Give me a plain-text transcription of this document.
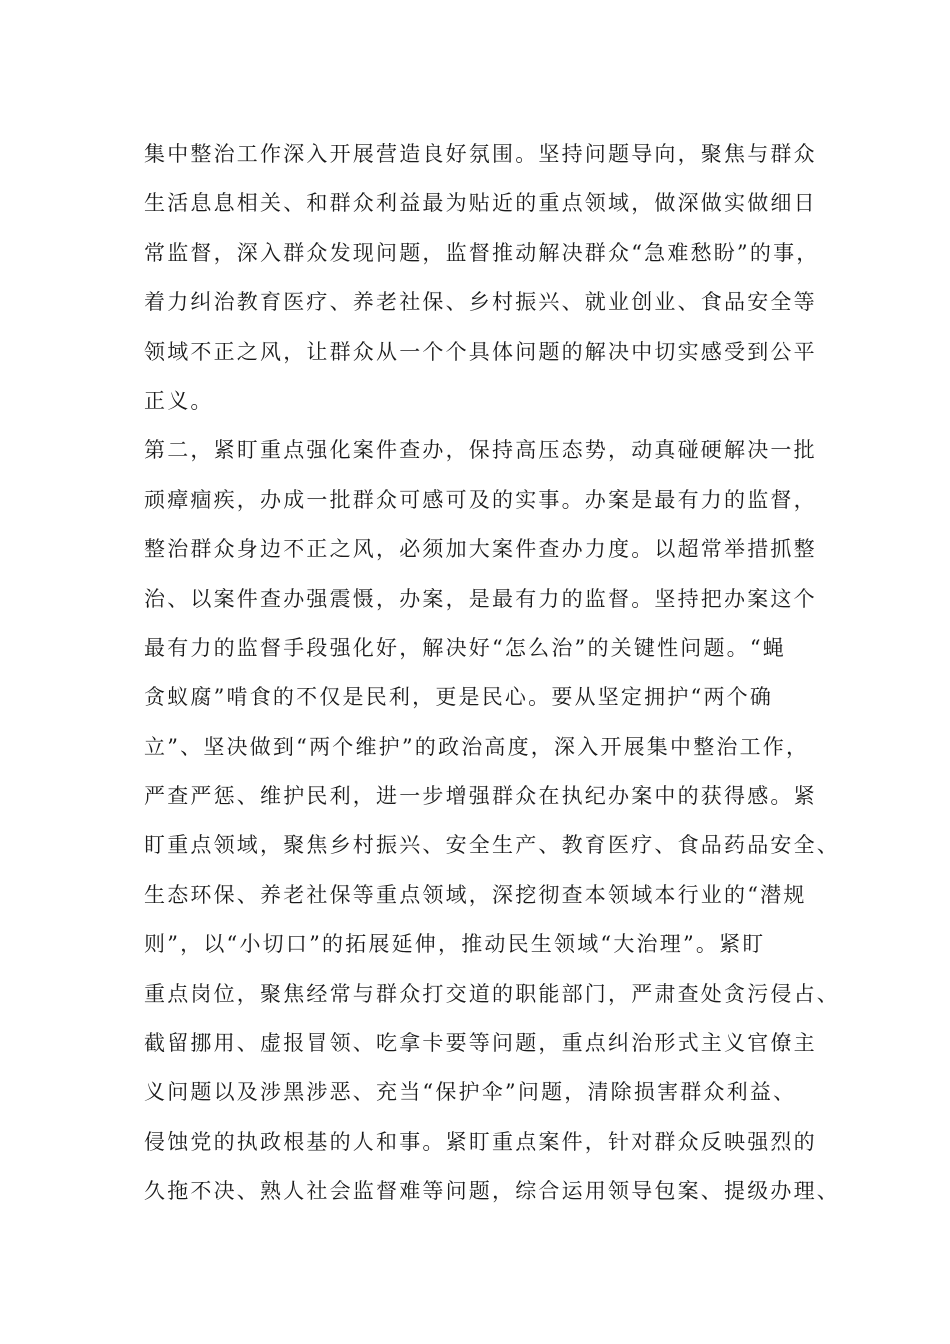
集中整治工作深入开展营造良好氛围。坚持问题导向，聚焦与群众
生活息息相关、和群众利益最为贴近的重点领域，做深做实做细日
常监督，深入群众发现问题，监督推动解决群众“急难愁盼”的事，
着力纠治教育医疗、养老社保、乡村振兴、就业创业、食品安全等
领域不正之风，让群众从一个个具体问题的解决中切实感受到公平
正义。
第二，紧盯重点强化案件查办，保持高压态势，动真碰硬解决一批
顽瘴痼疾，办成一批群众可感可及的实事。办案是最有力的监督，
整治群众身边不正之风，必须加大案件查办力度。以超常举措抓整
治、以案件查办强震慑，办案，是最有力的监督。坚持把办案这个
最有力的监督手段强化好，解决好“怎么治”的关键性问题。“蝇
贪蚁腐”啃食的不仅是民利，更是民心。要从坚定拥护“两个确
立”、坚决做到“两个维护”的政治高度，深入开展集中整治工作，
严查严惩、维护民利，进一步增强群众在执纪办案中的获得感。紧
盯重点领域，聚焦乡村振兴、安全生产、教育医疗、食品药品安全、
生态环保、养老社保等重点领域，深挖彻查本领域本行业的“潜规
则”，以“小切口”的拓展延伸，推动民生领域“大治理”。紧盯
重点岗位，聚焦经常与群众打交道的职能部门，严肃查处贪污侵占、
截留挪用、虚报冒领、吃拿卡要等问题，重点纠治形式主义官僚主
义问题以及涉黑涉恶、充当“保护伞”问题，清除损害群众利益、
侵蚀党的执政根基的人和事。紧盯重点案件，针对群众反映强烈的
久拖不决、熟人社会监督难等问题，综合运用领导包案、提级办理、
